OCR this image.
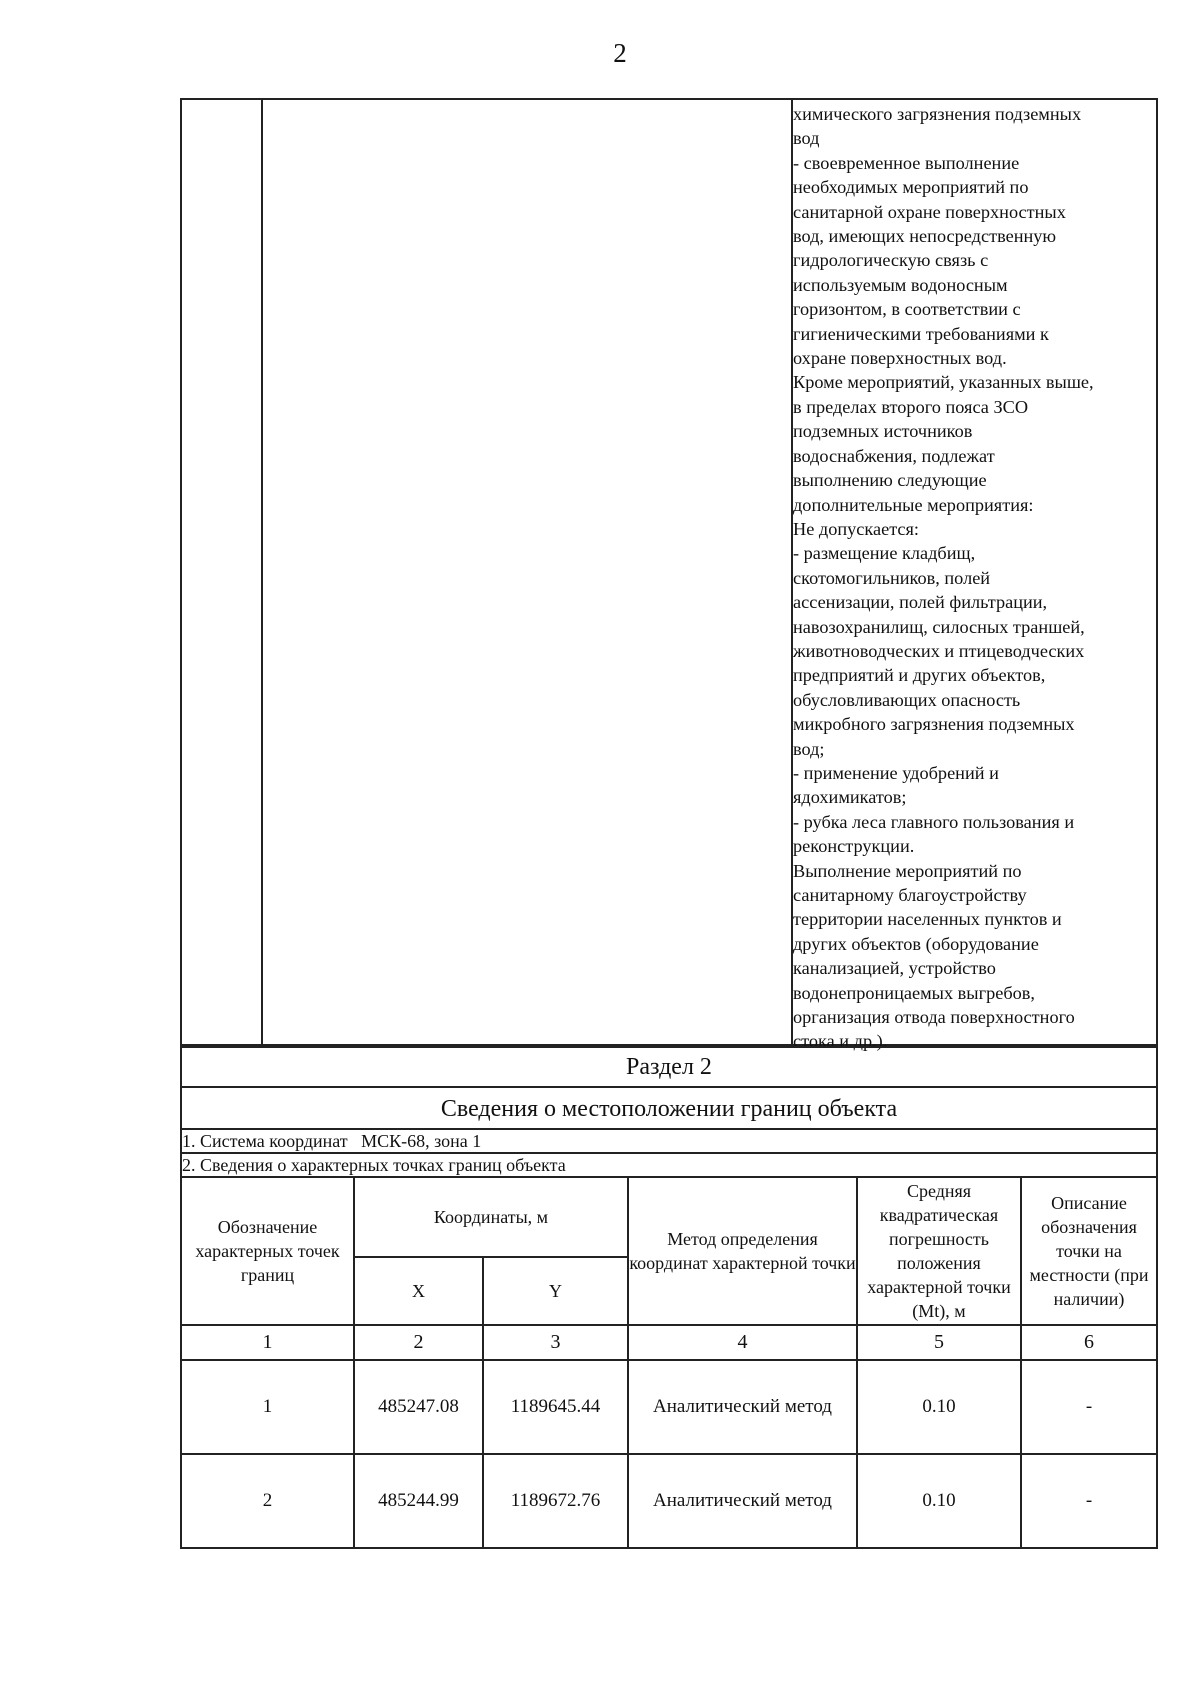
2

химического загрязнения подземных

вод

- своевременное выполнение

необходимых мероприятий по

санитарной охране поверхностных

вод, имеющих непосредственную

гидрологическую связь с

используемым водоносным

горизонтом, в соответствии с

гигиеническими требованиями к

охране поверхностных вод.

Кроме мероприятий, указанных выше,

в пределах второго пояса ЗСО

подземных источников

водоснабжения, подлежат

выполнению следующие

дополнительные мероприятия:

Не допускается:

- размещение кладбищ,

скотомогильников, полей

ассенизации, полей фильтрации,

навозохранилищ, силосных траншей,

животноводческих и птицеводческих

предприятий и других объектов,

обусловливающих опасность

микробного загрязнения подземных

вод;

- применение удобрений и

ядохимикатов;

- рубка леса главного пользования и

реконструкции.

Выполнение мероприятий по

санитарному благоустройству

территории населенных пунктов и

других объектов (оборудование

канализацией, устройство

водонепроницаемых выгребов,

организация отвода поверхностного

стока и др.).

Раздел 2
Сведения о местоположении границ объекта
1. Система координат МСК-68, зона 1
2. Сведения о характерных точках границ объекта
Обозначение характерных точек границ	Координаты, м		Метод определения координат характерной точки	Средняя квадратическая погрешность положения характерной точки (Mt), м	Описание обозначения точки на местности (при наличии)
	X	Y			
1	2	3	4	5	6
1	485247.08	1189645.44	Аналитический метод	0.10	-
2	485244.99	1189672.76	Аналитический метод	0.10	-
